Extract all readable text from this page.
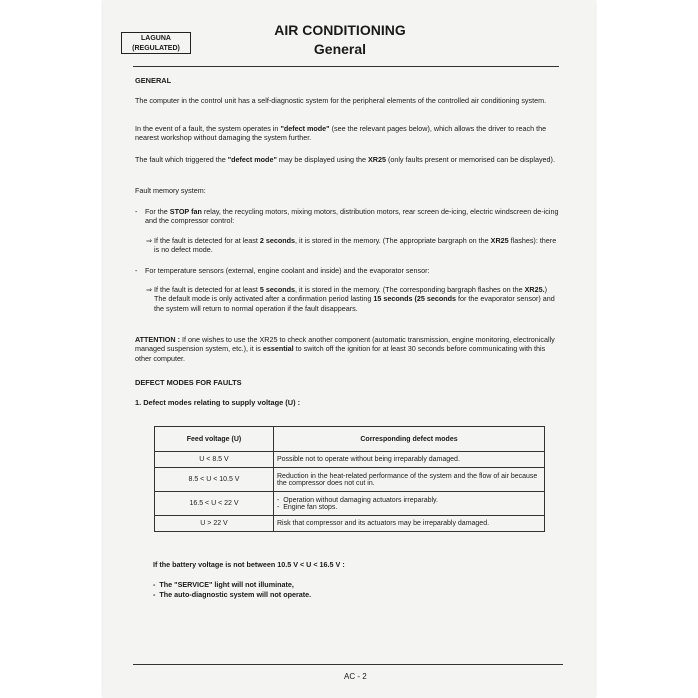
LAGUNA
(REGULATED)
AIR CONDITIONING
General
GENERAL

The computer in the control unit has a self-diagnostic system for the peripheral elements of the controlled air conditioning system.

In the event of a fault, the system operates in "defect mode" (see the relevant pages below), which allows the driver to reach the nearest workshop without damaging the system further.

The fault which triggered the "defect mode" may be displayed using the XR25 (only faults present or memorised can be displayed).

Fault memory system:

- For the STOP fan relay, the recycling motors, mixing motors, distribution motors, rear screen de-icing, electric windscreen de-icing and the compressor control:
⇒ If the fault is detected for at least 2 seconds, it is stored in the memory. (The appropriate bargraph on the XR25 flashes): there is no defect mode.
- For temperature sensors (external, engine coolant and inside) and the evaporator sensor:
⇒ If the fault is detected for at least 5 seconds, it is stored in the memory. (The corresponding bargraph flashes on the XR25.) The default mode is only activated after a confirmation period lasting 15 seconds (25 seconds for the evaporator sensor) and the system will return to normal operation if the fault disappears.

ATTENTION : If one wishes to use the XR25 to check another component (automatic transmission, engine monitoring, electronically managed suspension system, etc.), it is essential to switch off the ignition for at least 30 seconds before communicating with this other computer.

DEFECT MODES FOR FAULTS
1. Defect modes relating to supply voltage (U) :
Feed voltage (U)	Corresponding defect modes
U < 8.5 V	Possible not to operate without being irreparably damaged.
8.5 < U < 10.5 V	Reduction in the heat-related performance of the system and the flow of air because the compressor does not cut in.
16.5 < U < 22 V	-  Operation without damaging actuators irreparably.
-  Engine fan stops.

U > 22 V	Risk that compressor and its actuators may be irreparably damaged.
If the battery voltage is not between 10.5 V < U < 16.5 V :
-  The "SERVICE" light will not illuminate,
-  The auto-diagnostic system will not operate.
AC - 2
